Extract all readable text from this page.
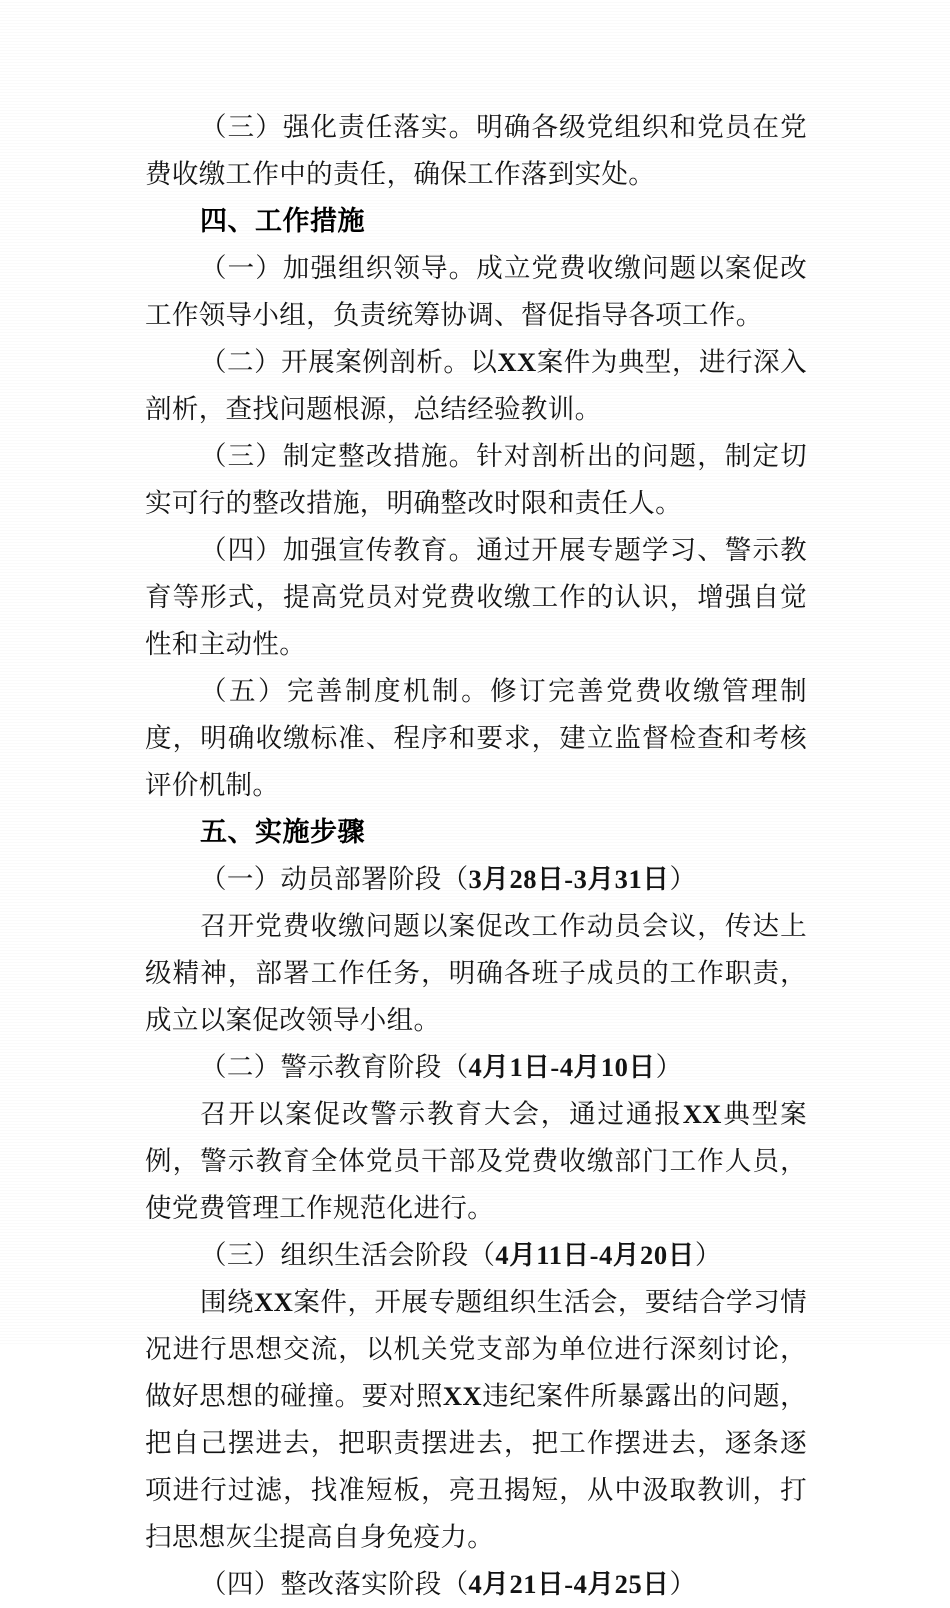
（三）强化责任落实。明确各级党组织和党员在党费收缴工作中的责任，确保工作落到实处。
四、工作措施
（一）加强组织领导。成立党费收缴问题以案促改工作领导小组，负责统筹协调、督促指导各项工作。
（二）开展案例剖析。以XX案件为典型，进行深入剖析，查找问题根源，总结经验教训。
（三）制定整改措施。针对剖析出的问题，制定切实可行的整改措施，明确整改时限和责任人。
（四）加强宣传教育。通过开展专题学习、警示教育等形式，提高党员对党费收缴工作的认识，增强自觉性和主动性。
（五）完善制度机制。修订完善党费收缴管理制度，明确收缴标准、程序和要求，建立监督检查和考核评价机制。
五、实施步骤
（一）动员部署阶段（3月28日-3月31日）
召开党费收缴问题以案促改工作动员会议，传达上级精神，部署工作任务，明确各班子成员的工作职责，成立以案促改领导小组。
（二）警示教育阶段（4月1日-4月10日）
召开以案促改警示教育大会，通过通报XX典型案例，警示教育全体党员干部及党费收缴部门工作人员，使党费管理工作规范化进行。
（三）组织生活会阶段（4月11日-4月20日）
围绕XX案件，开展专题组织生活会，要结合学习情况进行思想交流，以机关党支部为单位进行深刻讨论，做好思想的碰撞。要对照XX违纪案件所暴露出的问题，把自己摆进去，把职责摆进去，把工作摆进去，逐条逐项进行过滤，找准短板，亮丑揭短，从中汲取教训，打扫思想灰尘提高自身免疫力。
（四）整改落实阶段（4月21日-4月25日）
